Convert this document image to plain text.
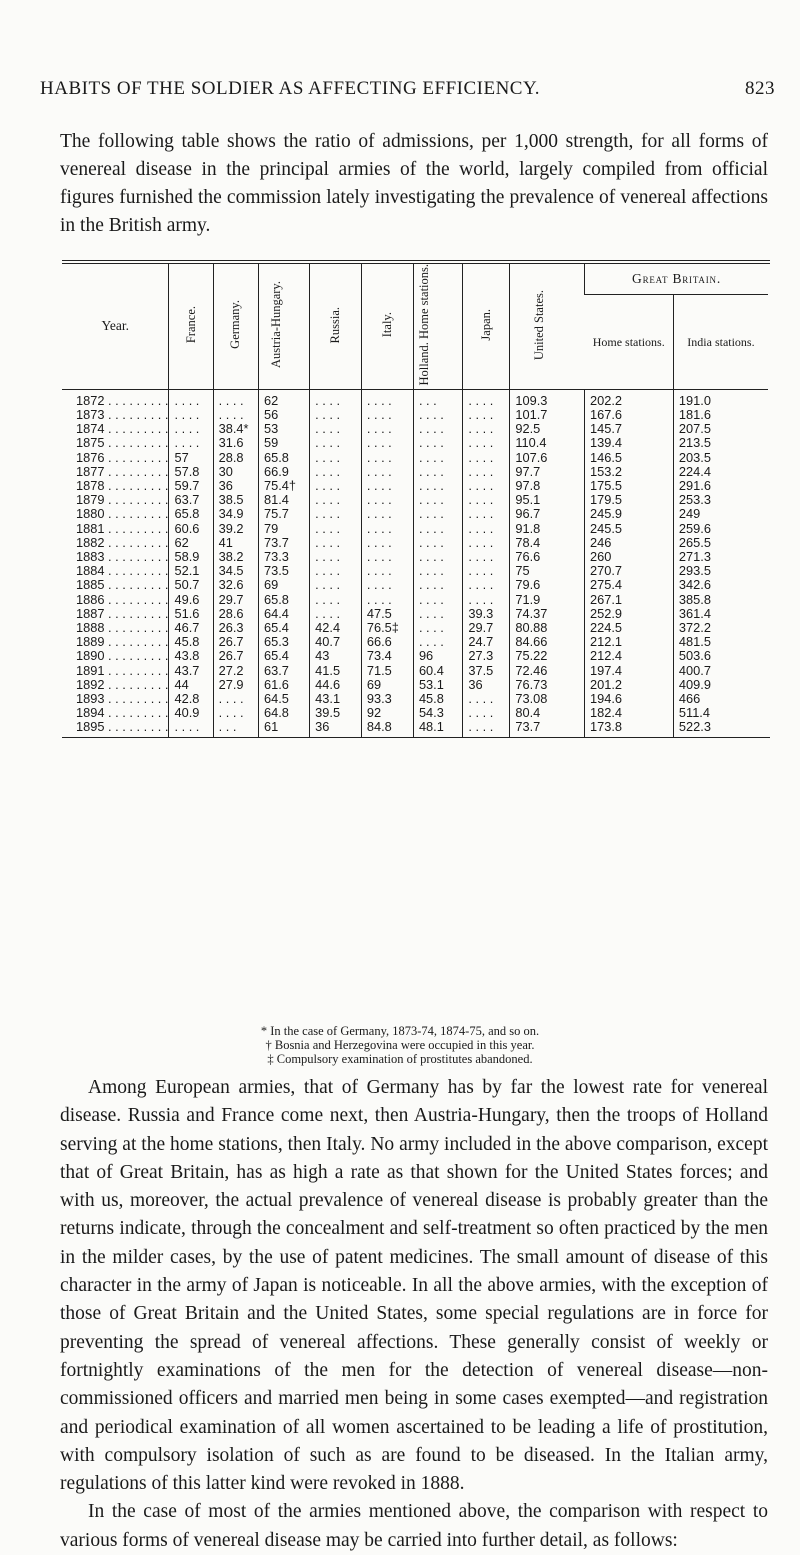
HABITS OF THE SOLDIER AS AFFECTING EFFICIENCY.	823
The following table shows the ratio of admissions, per 1,000 strength, for all forms of venereal disease in the principal armies of the world, largely compiled from official figures furnished the commission lately investigating the prevalence of venereal affections in the British army.
Year.	France.	Germany.	Austria-Hungary.	Russia.	Italy.	Holland. Home stations.	Japan.	United States.	Great Britain.	
									Home stations.	India stations.
1872 . . . . . . . . .	. . . .	. . . .	62	. . . .	. . . .	. . .	. . . .	109.3	202.2	191.0
1873 . . . . . . . . .	. . . .	. . . .	56	. . . .	. . . .	. . . .	. . . .	101.7	167.6	181.6
1874 . . . . . . . . .	. . . .	38.4*	53	. . . .	. . . .	. . . .	. . . .	92.5	145.7	207.5
1875 . . . . . . . . .	. . . .	31.6	59	. . . .	. . . .	. . . .	. . . .	110.4	139.4	213.5
1876 . . . . . . . . .	57	28.8	65.8	. . . .	. . . .	. . . .	. . . .	107.6	146.5	203.5
1877 . . . . . . . . .	57.8	30	66.9	. . . .	. . . .	. . . .	. . . .	97.7	153.2	224.4
1878 . . . . . . . . .	59.7	36	75.4†	. . . .	. . . .	. . . .	. . . .	97.8	175.5	291.6
1879 . . . . . . . . .	63.7	38.5	81.4	. . . .	. . . .	. . . .	. . . .	95.1	179.5	253.3
1880 . . . . . . . . .	65.8	34.9	75.7	. . . .	. . . .	. . . .	. . . .	96.7	245.9	249
1881 . . . . . . . . .	60.6	39.2	79	. . . .	. . . .	. . . .	. . . .	91.8	245.5	259.6
1882 . . . . . . . . .	62	41	73.7	. . . .	. . . .	. . . .	. . . .	78.4	246	265.5
1883 . . . . . . . . .	58.9	38.2	73.3	. . . .	. . . .	. . . .	. . . .	76.6	260	271.3
1884 . . . . . . . . .	52.1	34.5	73.5	. . . .	. . . .	. . . .	. . . .	75	270.7	293.5
1885 . . . . . . . . .	50.7	32.6	69	. . . .	. . . .	. . . .	. . . .	79.6	275.4	342.6
1886 . . . . . . . . .	49.6	29.7	65.8	. . . .	. . . .	. . . .	. . . .	71.9	267.1	385.8
1887 . . . . . . . . .	51.6	28.6	64.4	. . . .	47.5	. . . .	39.3	74.37	252.9	361.4
1888 . . . . . . . . .	46.7	26.3	65.4	42.4	76.5‡	. . . .	29.7	80.88	224.5	372.2
1889 . . . . . . . . .	45.8	26.7	65.3	40.7	66.6	. . . .	24.7	84.66	212.1	481.5
1890 . . . . . . . . .	43.8	26.7	65.4	43	73.4	96	27.3	75.22	212.4	503.6
1891 . . . . . . . . .	43.7	27.2	63.7	41.5	71.5	60.4	37.5	72.46	197.4	400.7
1892 . . . . . . . . .	44	27.9	61.6	44.6	69	53.1	36	76.73	201.2	409.9
1893 . . . . . . . . .	42.8	. . . .	64.5	43.1	93.3	45.8	. . . .	73.08	194.6	466
1894 . . . . . . . . .	40.9	. . . .	64.8	39.5	92	54.3	. . . .	80.4	182.4	511.4
1895 . . . . . . . . .	. . . .	. . .	61	36	84.8	48.1	. . . .	73.7	173.8	522.3
* In the case of Germany, 1873-74, 1874-75, and so on.
† Bosnia and Herzegovina were occupied in this year.
‡ Compulsory examination of prostitutes abandoned.

Among European armies, that of Germany has by far the lowest rate for venereal disease. Russia and France come next, then Austria-Hungary, then the troops of Holland serving at the home stations, then Italy. No army included in the above comparison, except that of Great Britain, has as high a rate as that shown for the United States forces; and with us, moreover, the actual prevalence of venereal disease is probably greater than the returns indicate, through the concealment and self-treatment so often practiced by the men in the milder cases, by the use of patent medicines. The small amount of disease of this character in the army of Japan is noticeable. In all the above armies, with the exception of those of Great Britain and the United States, some special regulations are in force for preventing the spread of venereal affections. These generally consist of weekly or fortnightly examinations of the men for the detection of venereal disease—non-commissioned officers and married men being in some cases exempted—and registration and periodical examination of all women ascertained to be leading a life of prostitution, with compulsory isolation of such as are found to be diseased. In the Italian army, regulations of this latter kind were revoked in 1888.

In the case of most of the armies mentioned above, the comparison with respect to various forms of venereal disease may be carried into further detail, as follows:
